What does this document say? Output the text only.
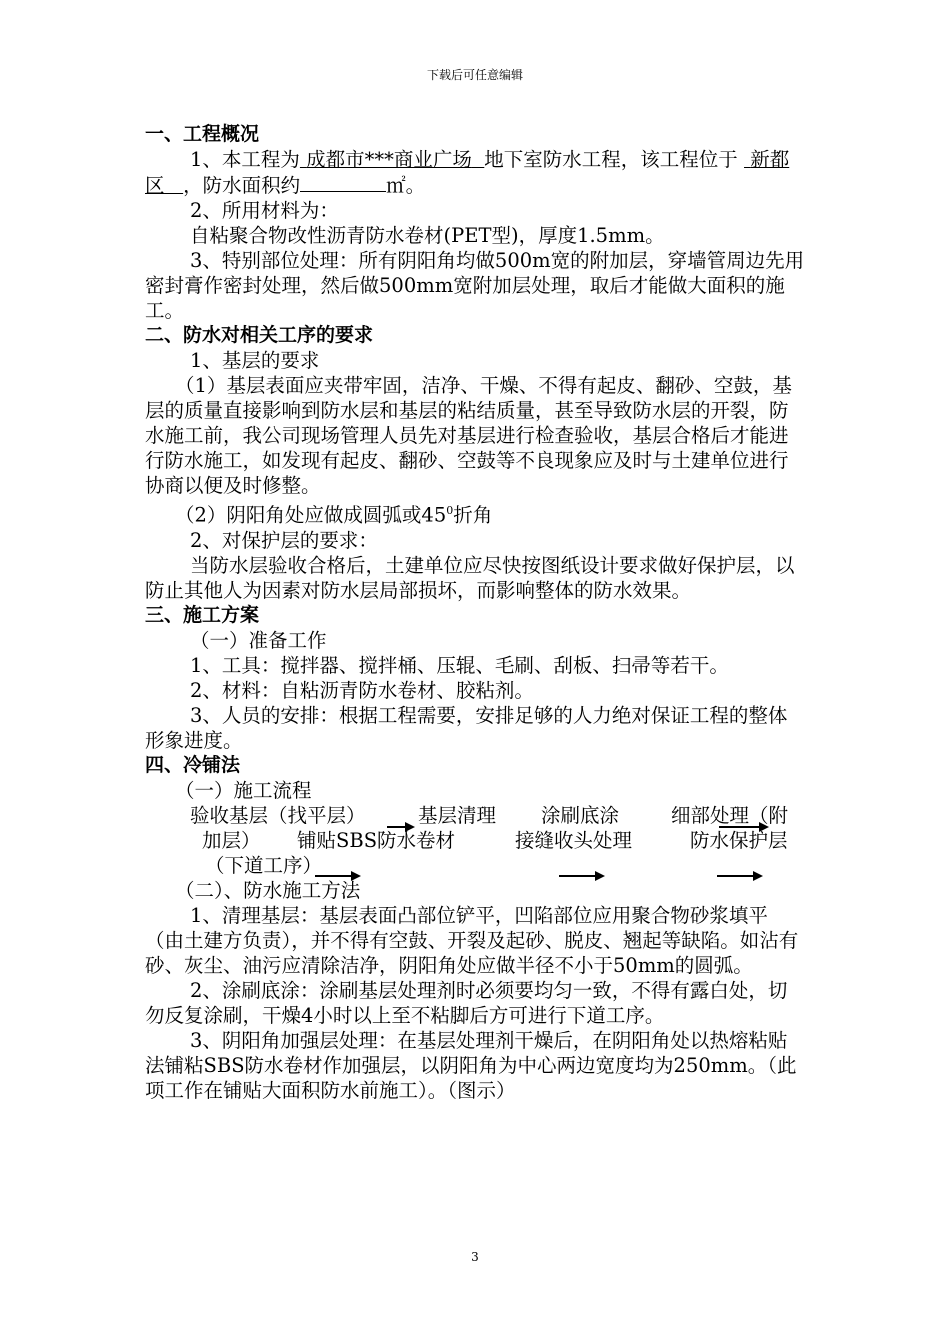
下载后可任意编辑

一、工程概况

1、本工程为 成都市***商业广场 地下室防水工程，该工程位于 新都区 ，防水面积约	㎡。

2、所用材料为：

自粘聚合物改性沥青防水卷材(PET型)，厚度1.5mm。

3、特别部位处理：所有阴阳角均做500m宽的附加层，穿墙管周边先用密封膏作密封处理，然后做500mm宽附加层处理，取后才能做大面积的施工。

二、防水对相关工序的要求

1、基层的要求

（1）基层表面应夹带牢固，洁净、干燥、不得有起皮、翻砂、空鼓，基层的质量直接影响到防水层和基层的粘结质量，甚至导致防水层的开裂，防水施工前，我公司现场管理人员先对基层进行检查验收，基层合格后才能进行防水施工，如发现有起皮、翻砂、空鼓等不良现象应及时与土建单位进行协商以便及时修整。

（2）阴阳角处应做成圆弧或$45^0$折角

2、对保护层的要求：

当防水层验收合格后，土建单位应尽快按图纸设计要求做好保护层，以防止其他人为因素对防水层局部损坏，而影响整体的防水效果。

三、施工方案

（一）准备工作

1、工具：搅拌器、搅拌桶、压辊、毛刷、刮板、扫帚等若干。

2、材料：自粘沥青防水卷材、胶粘剂。

3、人员的安排：根据工程需要，安排足够的人力绝对保证工程的整体形象进度。

四、冷铺法

（一）施工流程

验收基层（找平层）	基层清理 涂刷底涂	细部处理（附
加层） 铺贴SBS防水卷材	接缝收头处理	防水保护层
（下道工序）

（二）、防水施工方法

1、清理基层：基层表面凸部位铲平，凹陷部位应用聚合物砂浆填平（由土建方负责），并不得有空鼓、开裂及起砂、脱皮、翘起等缺陷。如沾有砂、灰尘、油污应清除洁净，阴阳角处应做半径不小于50mm的圆弧。

2、涂刷底涂：涂刷基层处理剂时必须要均匀一致，不得有露白处，切勿反复涂刷，干燥4小时以上至不粘脚后方可进行下道工序。

3、阴阳角加强层处理：在基层处理剂干燥后，在阴阳角处以热熔粘贴法铺粘SBS防水卷材作加强层，以阴阳角为中心两边宽度均为250mm。（此项工作在铺贴大面积防水前施工）。（图示）

3
